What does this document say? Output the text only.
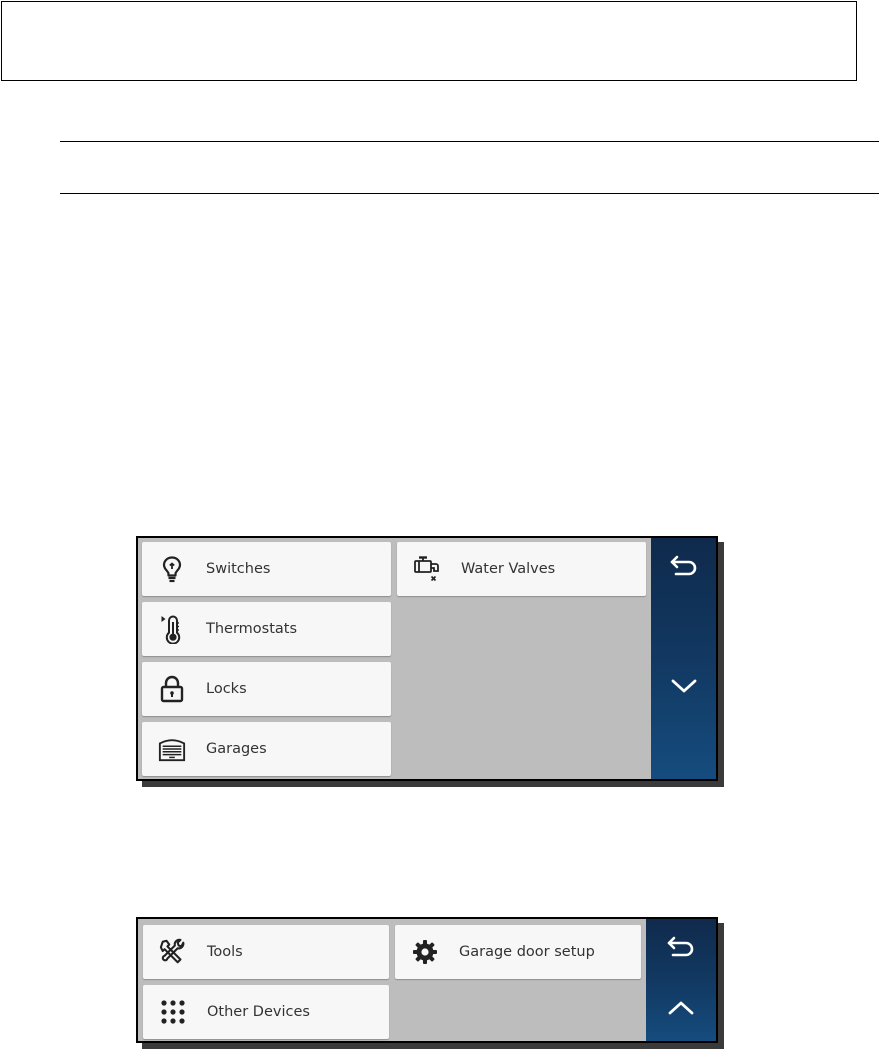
Switches	Water Valves
Thermostats
Locks
Garages
Tools	Garage door setup
Other Devices
